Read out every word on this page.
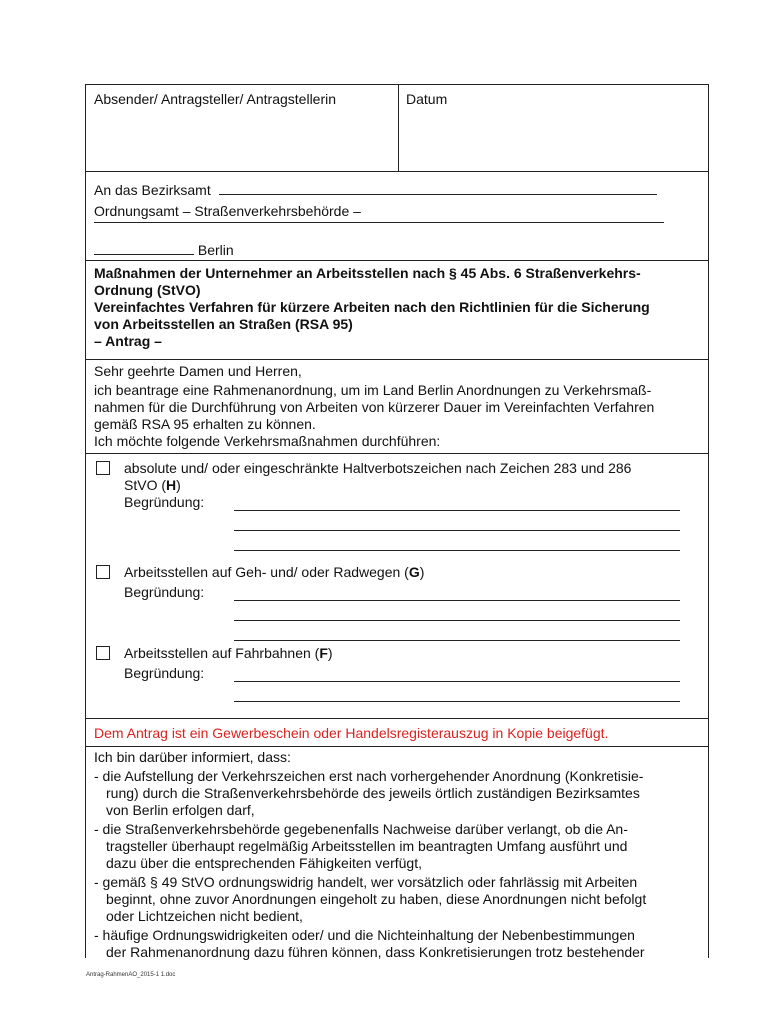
Absender/ Antragsteller/ Antragstellerin	Datum
An das Bezirksamt
Ordnungsamt – Straßenverkehrsbehörde –
Berlin
Maßnahmen der Unternehmer an Arbeitsstellen nach § 45 Abs. 6 Straßenverkehrs-
Ordnung (StVO)
Vereinfachtes Verfahren für kürzere Arbeiten nach den Richtlinien für die Sicherung
von Arbeitsstellen an Straßen (RSA 95)
– Antrag –
Sehr geehrte Damen und Herren,
ich beantrage eine Rahmenanordnung, um im Land Berlin Anordnungen zu Verkehrsmaß-
nahmen für die Durchführung von Arbeiten von kürzerer Dauer im Vereinfachten Verfahren
gemäß RSA 95 erhalten zu können.
Ich möchte folgende Verkehrsmaßnahmen durchführen:
absolute und/ oder eingeschränkte Haltverbotszeichen nach Zeichen 283 und 286
StVO (H)
Begründung:
Arbeitsstellen auf Geh- und/ oder Radwegen (G)
Begründung:
Arbeitsstellen auf Fahrbahnen (F)
Begründung:
Dem Antrag ist ein Gewerbeschein oder Handelsregisterauszug in Kopie beigefügt.

Ich bin darüber informiert, dass:

- die Aufstellung der Verkehrszeichen erst nach vorhergehender Anordnung (Konkretisie-

rung) durch die Straßenverkehrsbehörde des jeweils örtlich zuständigen Bezirksamtes

von Berlin erfolgen darf,

- die Straßenverkehrsbehörde gegebenenfalls Nachweise darüber verlangt, ob die An-

tragsteller überhaupt regelmäßig Arbeitsstellen im beantragten Umfang ausführt und

dazu über die entsprechenden Fähigkeiten verfügt,

- gemäß § 49 StVO ordnungswidrig handelt, wer vorsätzlich oder fahrlässig mit Arbeiten

beginnt, ohne zuvor Anordnungen eingeholt zu haben, diese Anordnungen nicht befolgt

oder Lichtzeichen nicht bedient,

- häufige Ordnungswidrigkeiten oder/ und die Nichteinhaltung der Nebenbestimmungen

der Rahmenanordnung dazu führen können, dass Konkretisierungen trotz bestehender

Antrag-RahmenAO_2015-1 1.doc
